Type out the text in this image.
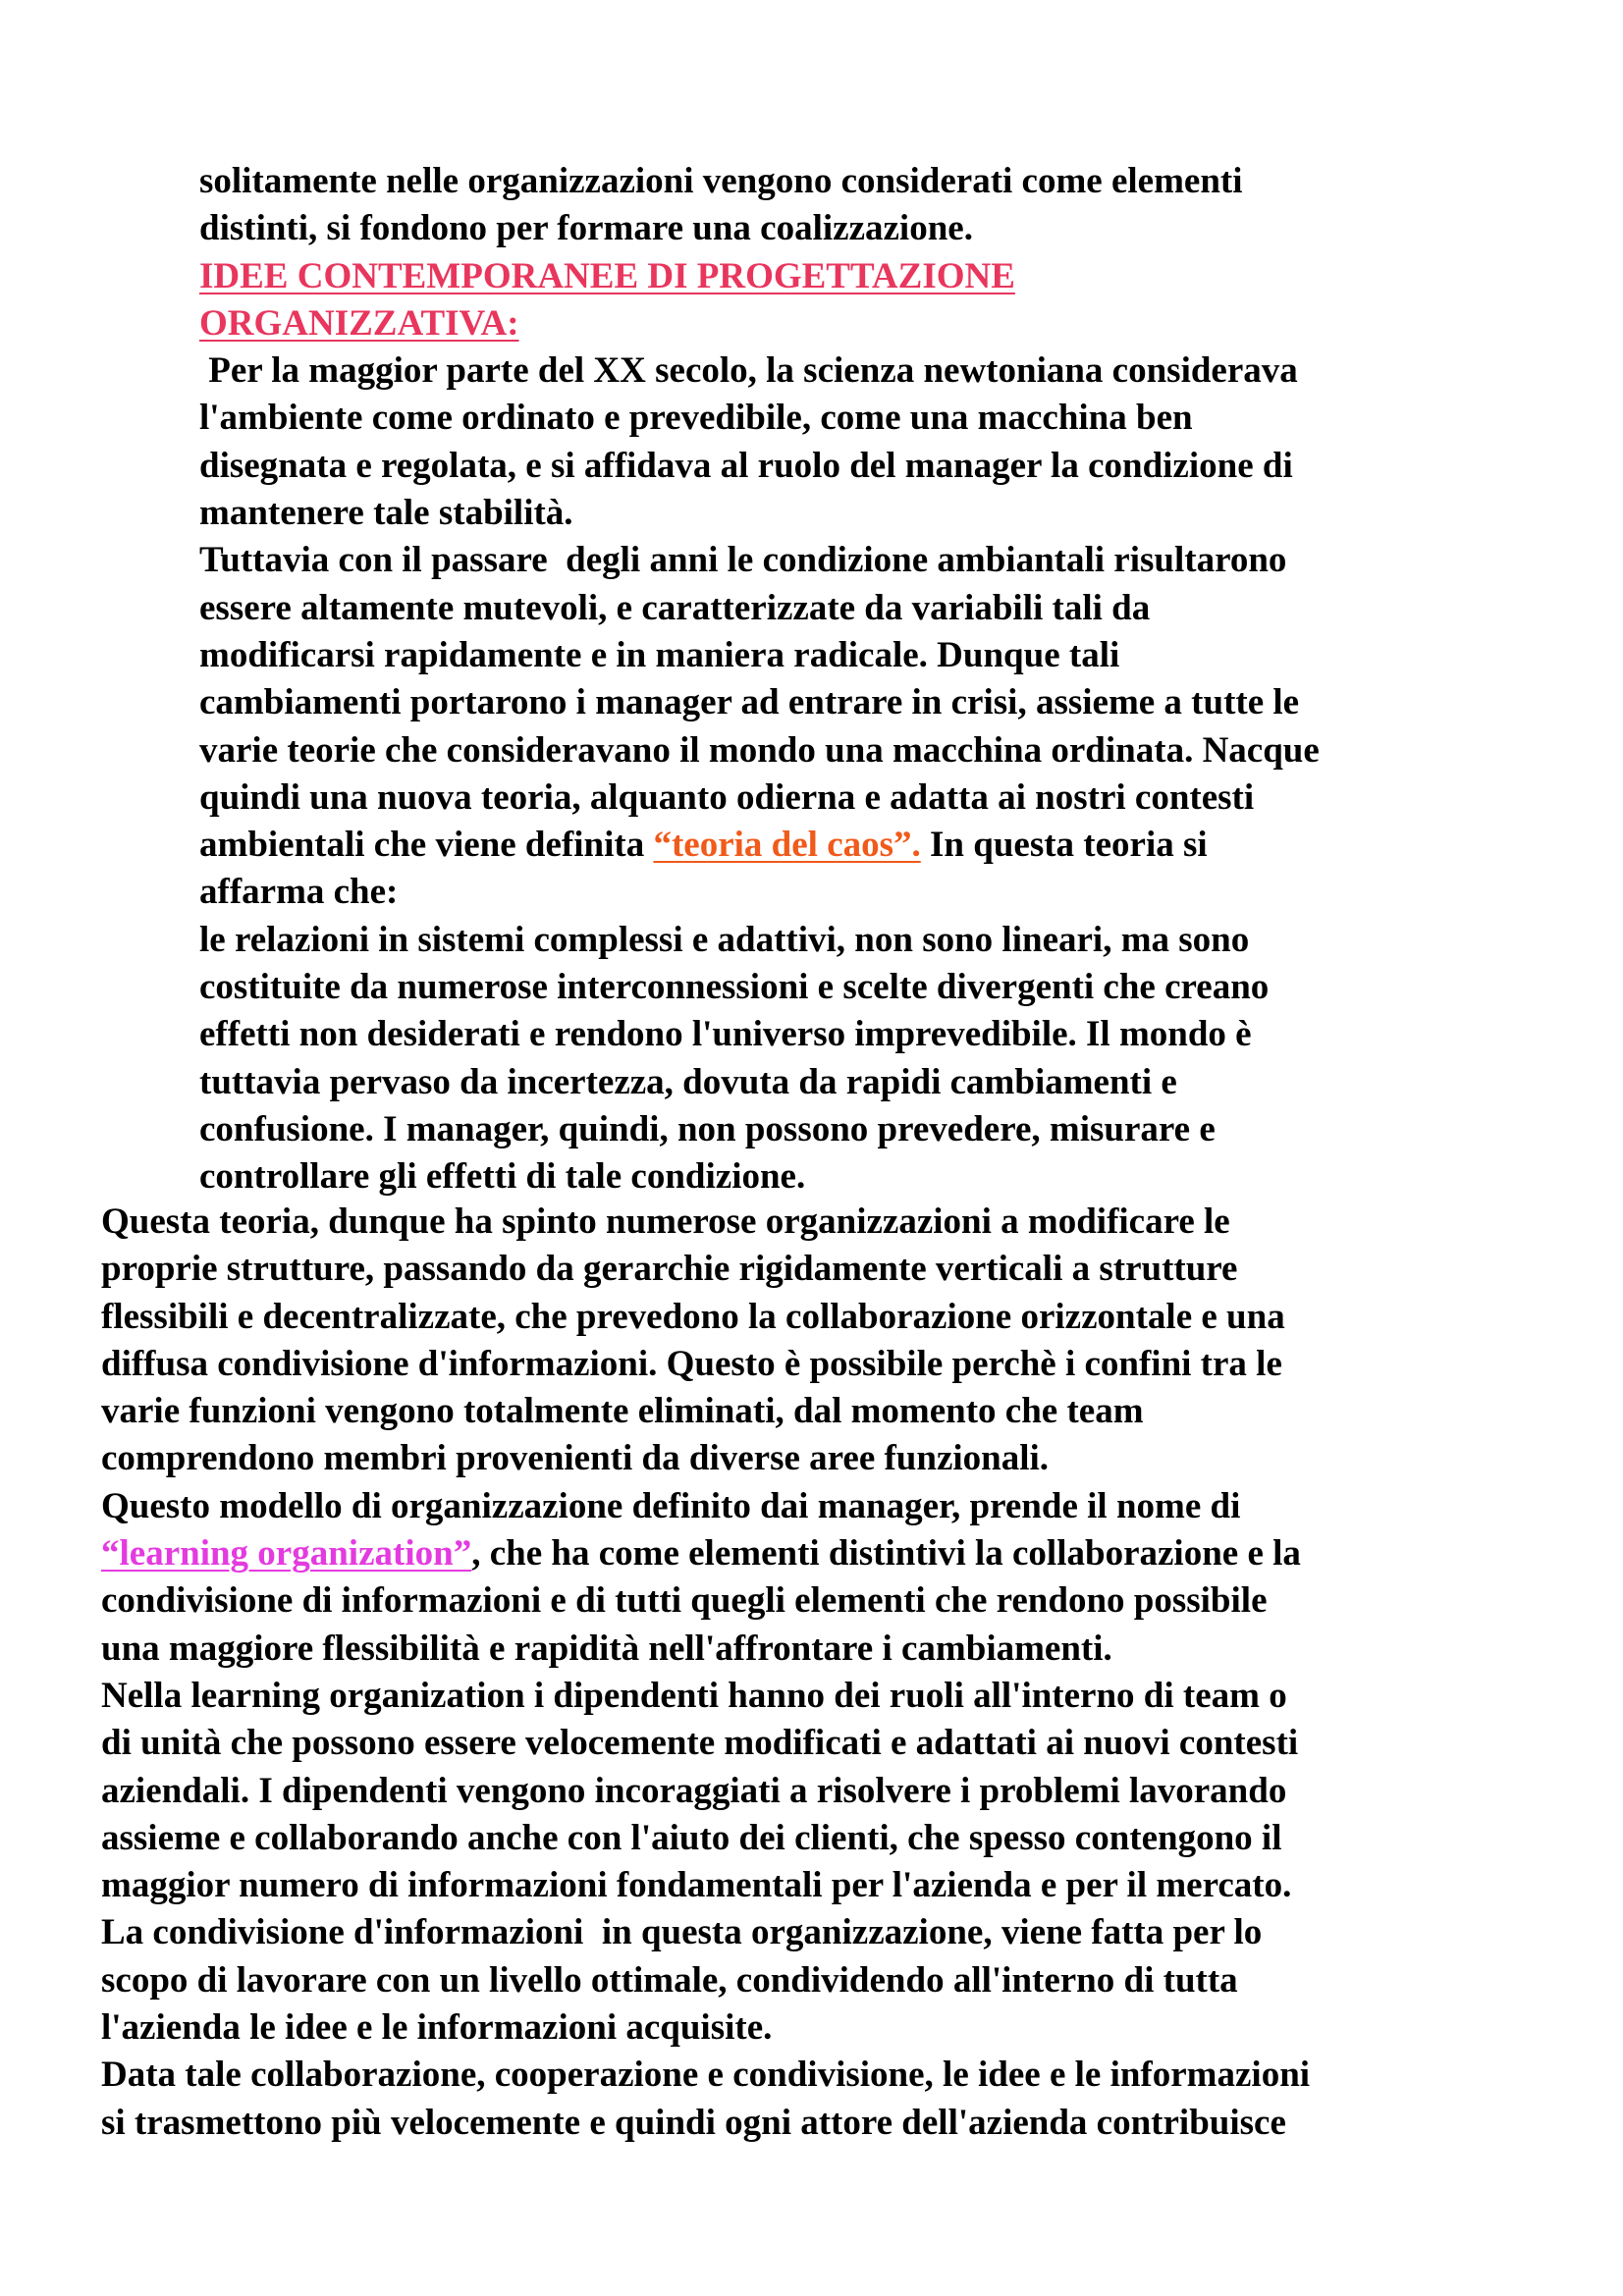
solitamente nelle organizzazioni vengono considerati come elementi
distinti, si fondono per formare una coalizzazione.
IDEE CONTEMPORANEE DI PROGETTAZIONE
ORGANIZZATIVA:
Per la maggior parte del XX secolo, la scienza newtoniana considerava
l'ambiente come ordinato e prevedibile, come una macchina ben
disegnata e regolata, e si affidava al ruolo del manager la condizione di
mantenere tale stabilità.
Tuttavia con il passare  degli anni le condizione ambiantali risultarono
essere altamente mutevoli, e caratterizzate da variabili tali da
modificarsi rapidamente e in maniera radicale. Dunque tali
cambiamenti portarono i manager ad entrare in crisi, assieme a tutte le
varie teorie che consideravano il mondo una macchina ordinata. Nacque
quindi una nuova teoria, alquanto odierna e adatta ai nostri contesti
ambientali che viene definita “teoria del caos”. In questa teoria si
affarma che:
le relazioni in sistemi complessi e adattivi, non sono lineari, ma sono
costituite da numerose interconnessioni e scelte divergenti che creano
effetti non desiderati e rendono l'universo imprevedibile. Il mondo è
tuttavia pervaso da incertezza, dovuta da rapidi cambiamenti e
confusione. I manager, quindi, non possono prevedere, misurare e
controllare gli effetti di tale condizione.
Questa teoria, dunque ha spinto numerose organizzazioni a modificare le
proprie strutture, passando da gerarchie rigidamente verticali a strutture
flessibili e decentralizzate, che prevedono la collaborazione orizzontale e una
diffusa condivisione d'informazioni. Questo è possibile perchè i confini tra le
varie funzioni vengono totalmente eliminati, dal momento che team
comprendono membri provenienti da diverse aree funzionali.
Questo modello di organizzazione definito dai manager, prende il nome di
“learning organization”, che ha come elementi distintivi la collaborazione e la
condivisione di informazioni e di tutti quegli elementi che rendono possibile
una maggiore flessibilità e rapidità nell'affrontare i cambiamenti.
Nella learning organization i dipendenti hanno dei ruoli all'interno di team o
di unità che possono essere velocemente modificati e adattati ai nuovi contesti
aziendali. I dipendenti vengono incoraggiati a risolvere i problemi lavorando
assieme e collaborando anche con l'aiuto dei clienti, che spesso contengono il
maggior numero di informazioni fondamentali per l'azienda e per il mercato.
La condivisione d'informazioni  in questa organizzazione, viene fatta per lo
scopo di lavorare con un livello ottimale, condividendo all'interno di tutta
l'azienda le idee e le informazioni acquisite.
Data tale collaborazione, cooperazione e condivisione, le idee e le informazioni
si trasmettono più velocemente e quindi ogni attore dell'azienda contribuisce
